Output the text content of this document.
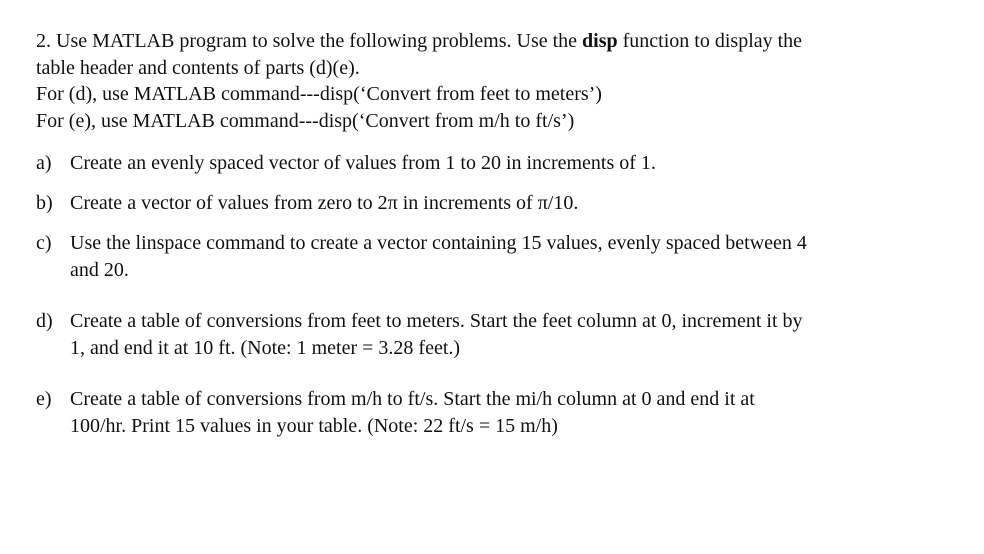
2. Use MATLAB program to solve the following problems. Use the disp function to display the
table header and contents of parts (d)(e).
For (d), use MATLAB command---disp(‘Convert from feet to meters’)
For (e), use MATLAB command---disp(‘Convert from m/h to ft/s’)
a) Create an evenly spaced vector of values from 1 to 20 in increments of 1.
b) Create a vector of values from zero to 2π in increments of π/10.
c) Use the linspace command to create a vector containing 15 values, evenly spaced between 4
and 20.
d) Create a table of conversions from feet to meters. Start the feet column at 0, increment it by
1, and end it at 10 ft. (Note: 1 meter = 3.28 feet.)
e) Create a table of conversions from m/h to ft/s. Start the mi/h column at 0 and end it at
100/hr. Print 15 values in your table. (Note: 22 ft/s = 15 m/h)
